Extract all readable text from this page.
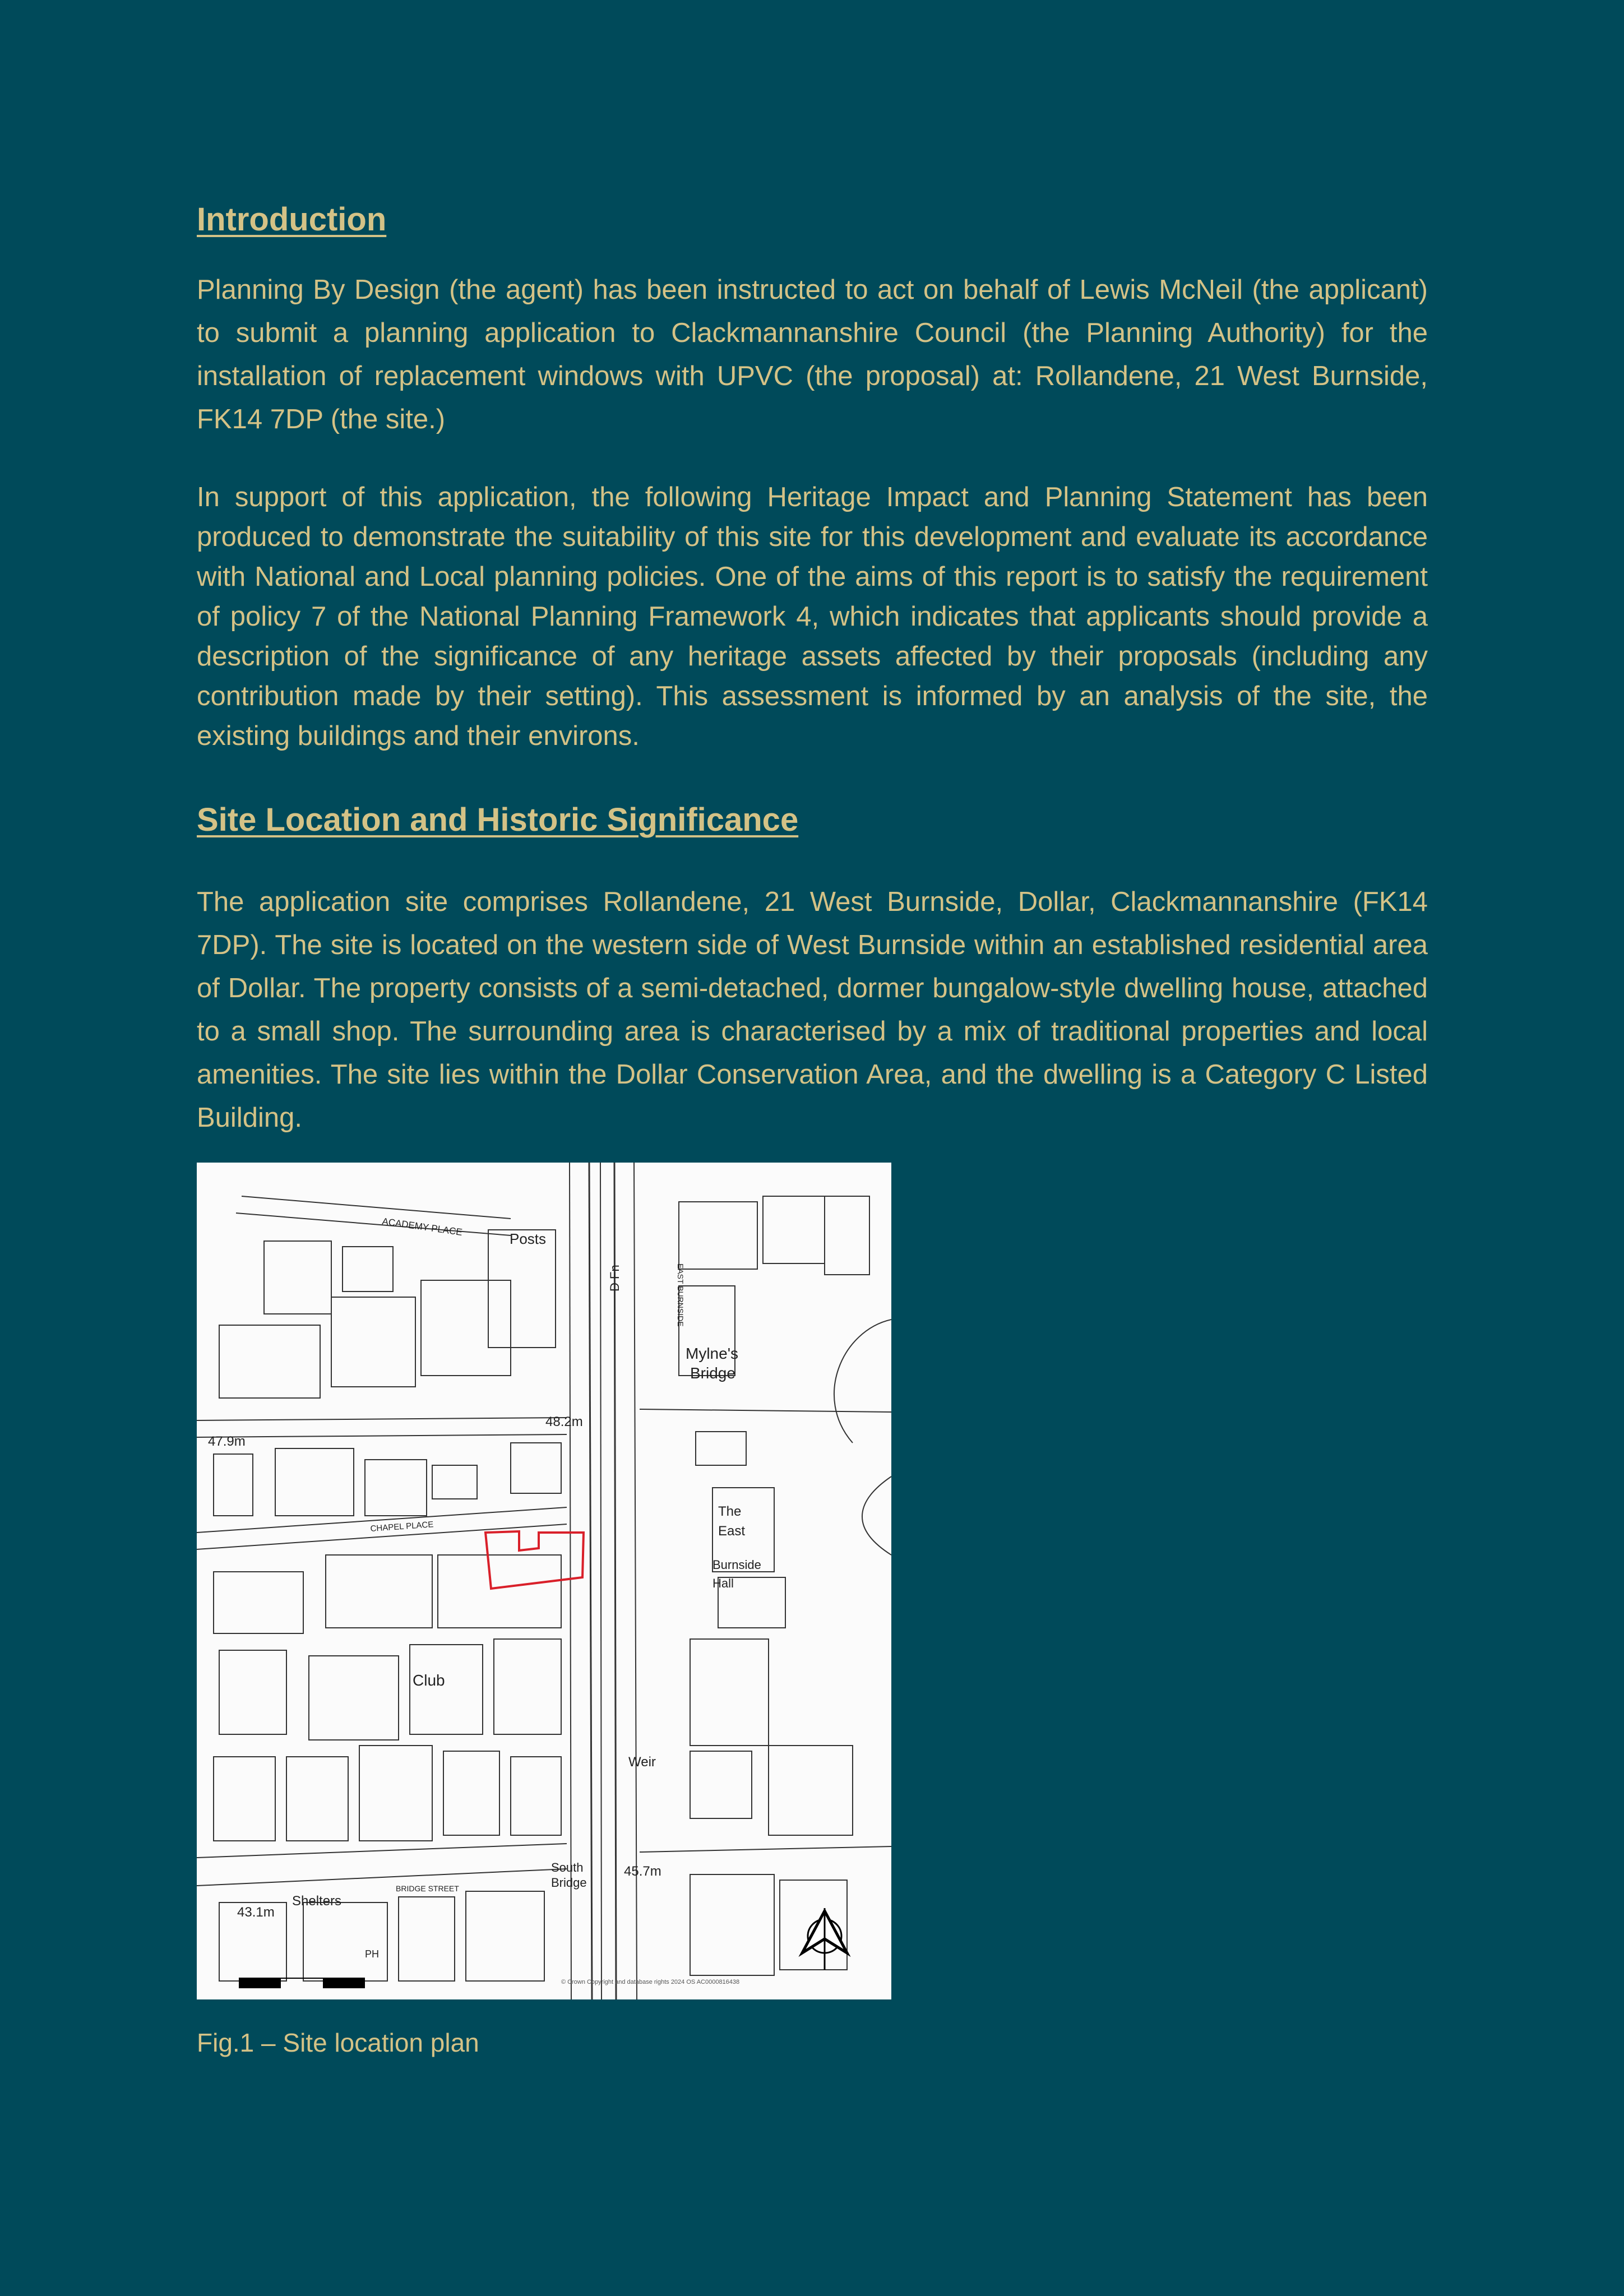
Introduction

Planning By Design (the agent) has been instructed to act on behalf of Lewis McNeil (the applicant) to submit a planning application to Clackmannanshire Council (the Planning Authority) for the installation of replacement windows with UPVC (the proposal) at: Rollandene, 21 West Burnside, FK14 7DP (the site.)

In support of this application, the following Heritage Impact and Planning Statement has been produced to demonstrate the suitability of this site for this development and evaluate its accordance with National and Local planning policies. One of the aims of this report is to satisfy the requirement of policy 7 of the National Planning Framework 4, which indicates that applicants should provide a description of the significance of any heritage assets affected by their proposals (including any contribution made by their setting). This assessment is informed by an analysis of the site, the existing buildings and their environs.

Site Location and Historic Significance

The application site comprises Rollandene, 21 West Burnside, Dollar, Clackmannanshire (FK14 7DP). The site is located on the western side of West Burnside within an established residential area of Dollar. The property consists of a semi-detached, dormer bungalow-style dwelling house, attached to a small shop. The surrounding area is characterised by a mix of traditional properties and local amenities. The site lies within the Dollar Conservation Area, and the dwelling is a Category C Listed Building.

ACADEMY PLACE
Posts
D Fn	EAST BURNSIDE
Mylne's
Bridge
48.2m
47.9m
CHAPEL PLACE
The
East
Burnside
Hall
Club
Weir
South
Bridge
45.7m
43.1m
Shelters
BRIDGE STREET
PH
© Crown Copyright and database rights 2024 OS AC0000816438
Fig.1 – Site location plan
